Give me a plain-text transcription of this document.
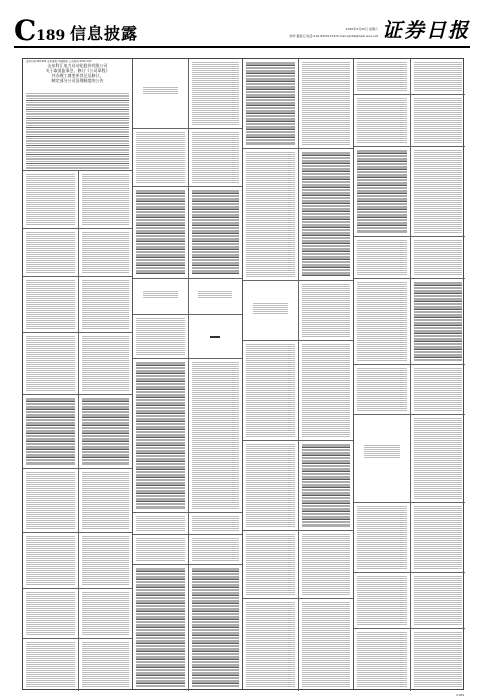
C 189 信息披露	2020年6月20日 星期六
制作:董春云 电话:010-83251716 E-mail:zqrb9@zqrb.sina.net 证券日报
证券代码:601985 证券简称:中国核电 公告编号:2020-041
山东科汇电力自动化股份有限公司
关于取消监事会、修订《公司章程》
并办理工商变更登记及修订、
制定部分公司治理制度的公告
C189
